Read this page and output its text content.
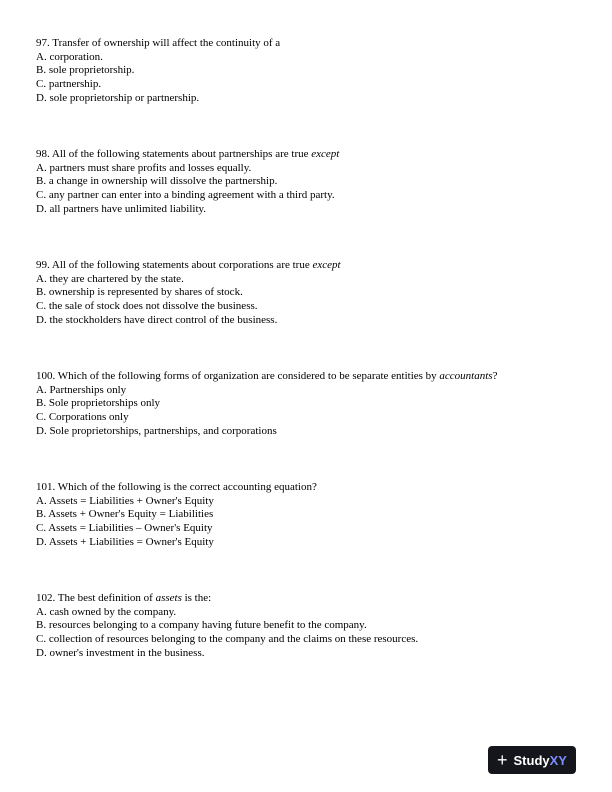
97. Transfer of ownership will affect the continuity of a

A. corporation.

B. sole proprietorship.

C. partnership.

D. sole proprietorship or partnership.

98. All of the following statements about partnerships are true except

A. partners must share profits and losses equally.

B. a change in ownership will dissolve the partnership.

C. any partner can enter into a binding agreement with a third party.

D. all partners have unlimited liability.

99. All of the following statements about corporations are true except

A. they are chartered by the state.

B. ownership is represented by shares of stock.

C. the sale of stock does not dissolve the business.

D. the stockholders have direct control of the business.

100. Which of the following forms of organization are considered to be separate entities by accountants?

A. Partnerships only

B. Sole proprietorships only

C. Corporations only

D. Sole proprietorships, partnerships, and corporations

101. Which of the following is the correct accounting equation?

A. Assets = Liabilities + Owner's Equity

B. Assets + Owner's Equity = Liabilities

C. Assets = Liabilities – Owner's Equity

D. Assets + Liabilities = Owner's Equity

102. The best definition of assets is the:

A. cash owned by the company.

B. resources belonging to a company having future benefit to the company.

C. collection of resources belonging to the company and the claims on these resources.

D. owner's investment in the business.

+ Study XY
